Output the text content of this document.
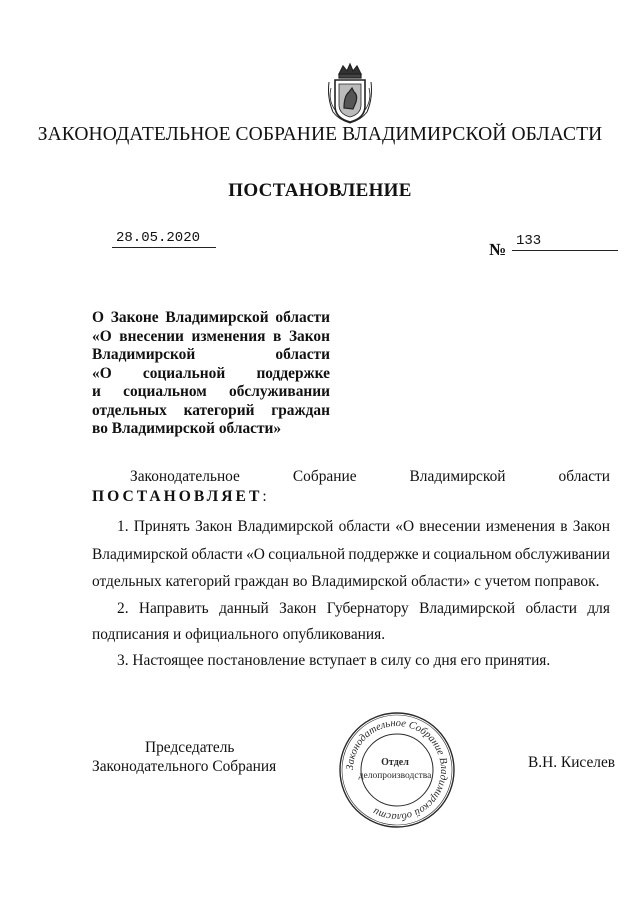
ЗАКОНОДАТЕЛЬНОЕ СОБРАНИЕ ВЛАДИМИРСКОЙ ОБЛАСТИ
ПОСТАНОВЛЕНИЕ
28.05.2020
№ 133
О Законе Владимирской области
«О внесении изменения в Закон
Владимирской	области
«О социальной поддержке
и социальном обслуживании
отдельных категорий граждан
во Владимирской области»
Законодательное	Собрание	Владимирской	области
ПОСТАНОВЛЯЕТ:
1. Принять Закон Владимирской области «О внесении изменения в Закон
Владимирской области «О социальной поддержке и социальном обслуживании
отдельных категорий граждан во Владимирской области» с учетом поправок.
2. Направить данный Закон Губернатору Владимирской области для
подписания и официального опубликования.
3. Настоящее постановление вступает в силу со дня его принятия.
Председатель
Законодательного Собрания	Законодательное Собрание Владимирской области
Отдел
делопроизводства
В.Н. Киселев
